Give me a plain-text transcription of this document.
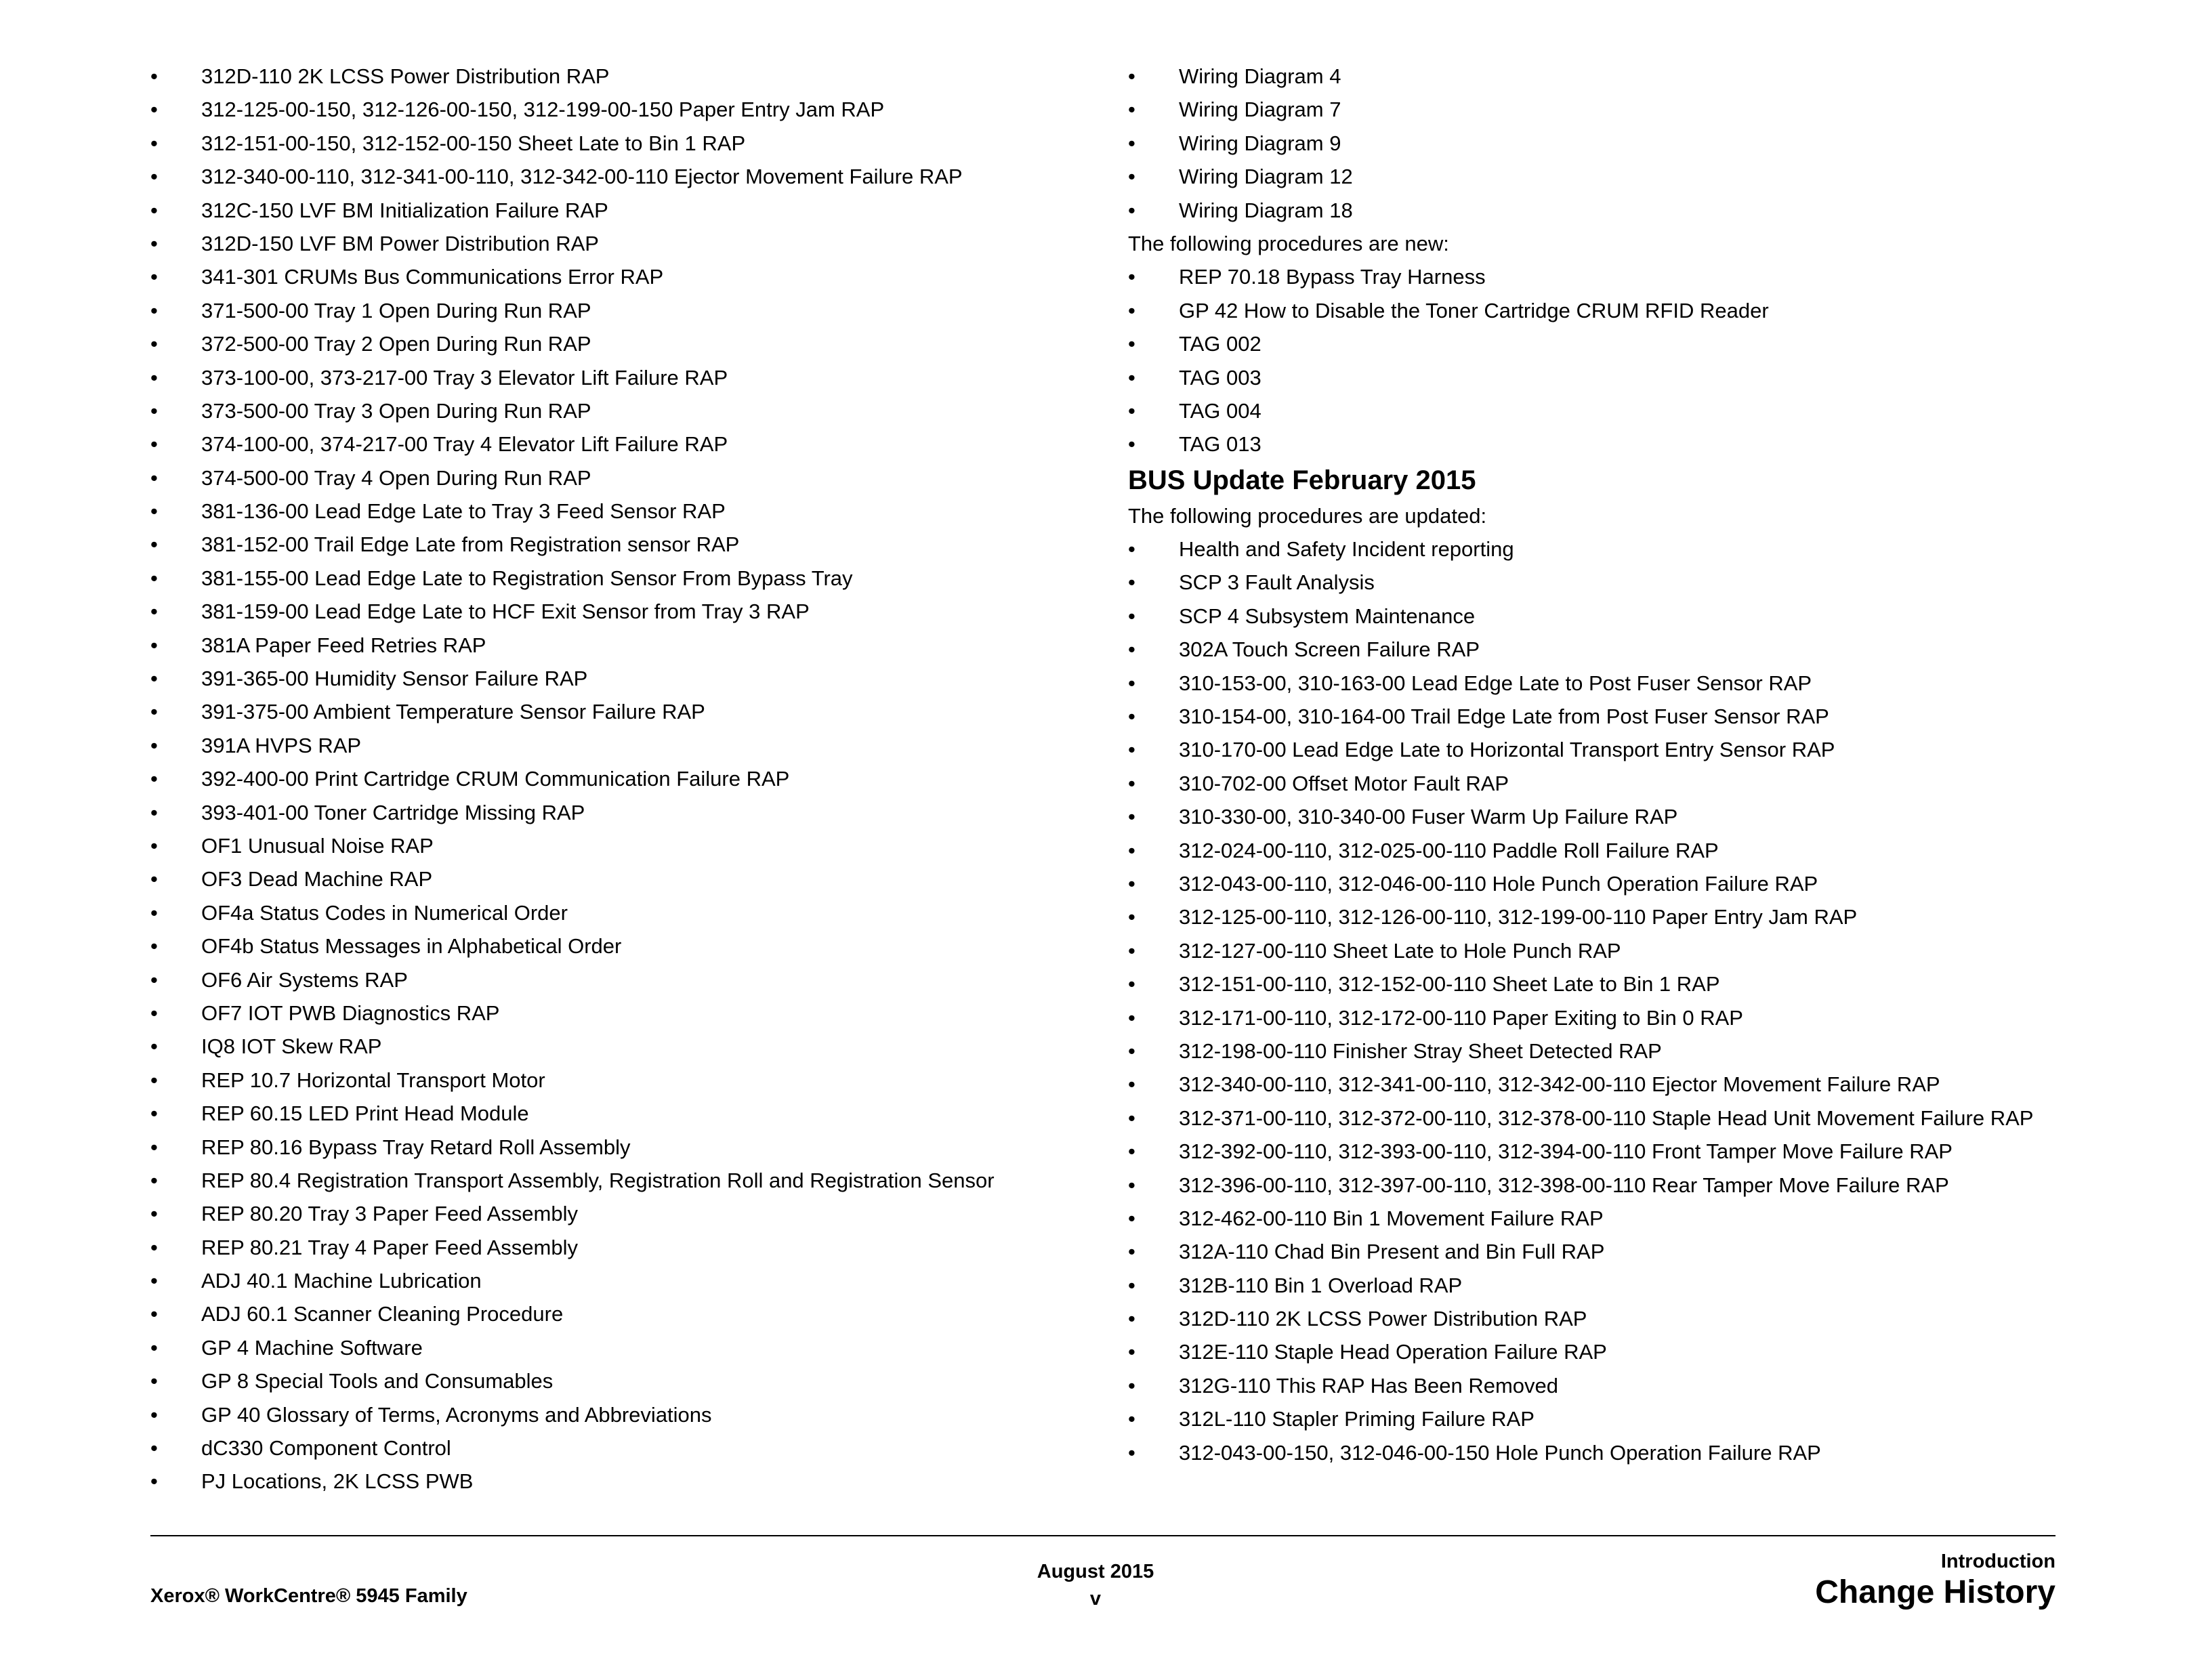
•	312D-110 2K LCSS Power Distribution RAP
•	312-125-00-150, 312-126-00-150, 312-199-00-150 Paper Entry Jam RAP
•	312-151-00-150, 312-152-00-150 Sheet Late to Bin 1 RAP
•	312-340-00-110, 312-341-00-110, 312-342-00-110 Ejector Movement Failure RAP
•	312C-150 LVF BM Initialization Failure RAP
•	312D-150 LVF BM Power Distribution RAP
•	341-301 CRUMs Bus Communications Error RAP
•	371-500-00 Tray 1 Open During Run RAP
•	372-500-00 Tray 2 Open During Run RAP
•	373-100-00, 373-217-00 Tray 3 Elevator Lift Failure RAP
•	373-500-00 Tray 3 Open During Run RAP
•	374-100-00, 374-217-00 Tray 4 Elevator Lift Failure RAP
•	374-500-00 Tray 4 Open During Run RAP
•	381-136-00 Lead Edge Late to Tray 3 Feed Sensor RAP
•	381-152-00 Trail Edge Late from Registration sensor RAP
•	381-155-00 Lead Edge Late to Registration Sensor From Bypass Tray
•	381-159-00 Lead Edge Late to HCF Exit Sensor from Tray 3 RAP
•	381A Paper Feed Retries RAP
•	391-365-00 Humidity Sensor Failure RAP
•	391-375-00 Ambient Temperature Sensor Failure RAP
•	391A HVPS RAP
•	392-400-00 Print Cartridge CRUM Communication Failure RAP
•	393-401-00 Toner Cartridge Missing RAP
•	OF1 Unusual Noise RAP
•	OF3 Dead Machine RAP
•	OF4a Status Codes in Numerical Order
•	OF4b Status Messages in Alphabetical Order
•	OF6 Air Systems RAP
•	OF7 IOT PWB Diagnostics RAP
•	IQ8 IOT Skew RAP
•	REP 10.7 Horizontal Transport Motor
•	REP 60.15 LED Print Head Module
•	REP 80.16 Bypass Tray Retard Roll Assembly
•	REP 80.4 Registration Transport Assembly, Registration Roll and Registration Sensor
•	REP 80.20 Tray 3 Paper Feed Assembly
•	REP 80.21 Tray 4 Paper Feed Assembly
•	ADJ 40.1 Machine Lubrication
•	ADJ 60.1 Scanner Cleaning Procedure
•	GP 4 Machine Software
•	GP 8 Special Tools and Consumables
•	GP 40 Glossary of Terms, Acronyms and Abbreviations
•	dC330 Component Control
•	PJ Locations, 2K LCSS PWB
•	Wiring Diagram 4
•	Wiring Diagram 7
•	Wiring Diagram 9
•	Wiring Diagram 12
•	Wiring Diagram 18
The following procedures are new:
•	REP 70.18 Bypass Tray Harness
•	GP 42 How to Disable the Toner Cartridge CRUM RFID Reader
•	TAG 002
•	TAG 003
•	TAG 004
•	TAG 013
BUS Update February 2015
The following procedures are updated:
•	Health and Safety Incident reporting
•	SCP 3 Fault Analysis
•	SCP 4 Subsystem Maintenance
•	302A Touch Screen Failure RAP
•	310-153-00, 310-163-00 Lead Edge Late to Post Fuser Sensor RAP
•	310-154-00, 310-164-00 Trail Edge Late from Post Fuser Sensor RAP
•	310-170-00 Lead Edge Late to Horizontal Transport Entry Sensor RAP
•	310-702-00 Offset Motor Fault RAP
•	310-330-00, 310-340-00 Fuser Warm Up Failure RAP
•	312-024-00-110, 312-025-00-110 Paddle Roll Failure RAP
•	312-043-00-110, 312-046-00-110 Hole Punch Operation Failure RAP
•	312-125-00-110, 312-126-00-110, 312-199-00-110 Paper Entry Jam RAP
•	312-127-00-110 Sheet Late to Hole Punch RAP
•	312-151-00-110, 312-152-00-110 Sheet Late to Bin 1 RAP
•	312-171-00-110, 312-172-00-110 Paper Exiting to Bin 0 RAP
•	312-198-00-110 Finisher Stray Sheet Detected RAP
•	312-340-00-110, 312-341-00-110, 312-342-00-110 Ejector Movement Failure RAP
•	312-371-00-110, 312-372-00-110, 312-378-00-110 Staple Head Unit Movement Failure RAP
•	312-392-00-110, 312-393-00-110, 312-394-00-110 Front Tamper Move Failure RAP
•	312-396-00-110, 312-397-00-110, 312-398-00-110 Rear Tamper Move Failure RAP
•	312-462-00-110 Bin 1 Movement Failure RAP
•	312A-110 Chad Bin Present and Bin Full RAP
•	312B-110 Bin 1 Overload RAP
•	312D-110 2K LCSS Power Distribution RAP
•	312E-110 Staple Head Operation Failure RAP
•	312G-110 This RAP Has Been Removed
•	312L-110 Stapler Priming Failure RAP
•	312-043-00-150, 312-046-00-150 Hole Punch Operation Failure RAP
Xerox® WorkCentre® 5945 Family
August 2015
v
Introduction
Change History
